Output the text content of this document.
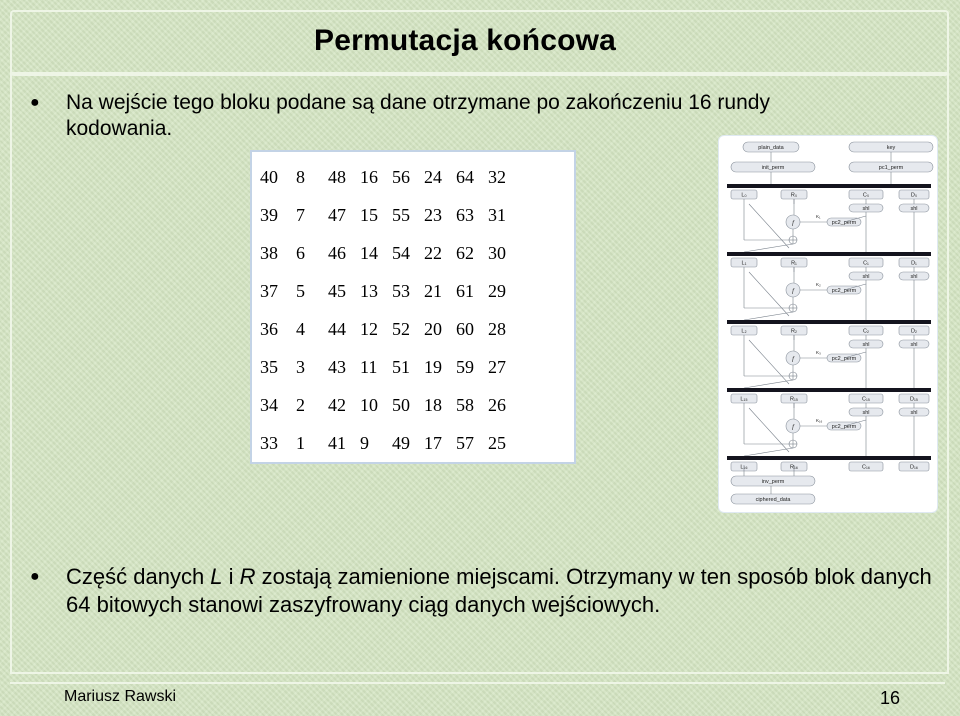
Permutacja końcowa
● Na wejście tego bloku podane są dane otrzymane po zakończeniu 16 rundy kodowania.
40	8	48	16	56	24	64	32
39	7	47	15	55	23	63	31
38	6	46	14	54	22	62	30
37	5	45	13	53	21	61	29
36	4	44	12	52	20	60	28
35	3	43	11	51	19	59	27
34	2	42	10	50	18	58	26
33	1	41	9	49	17	57	25
plain_data	key
init_perm	pc1_perm
L₀	R₀	C₀	D₀
shl	shl
f
K₁
pc2_perm
L₁	R₁	C₁	D₁
shl	shl
f
K₂
pc2_perm
L₂	R₂	C₂	D₂
shl	shl
f
K₃
pc2_perm
L₁₅	R₁₅	C₁₅	D₁₅
shl	shl
f
K₁₆
pc2_perm
L₁₆	R₁₆	C₁₆	D₁₆
inv_perm
ciphered_data
● Część danych L i R zostają zamienione miejscami. Otrzymany w ten sposób blok danych 64 bitowych stanowi zaszyfrowany ciąg danych wejściowych.
Mariusz Rawski	16
